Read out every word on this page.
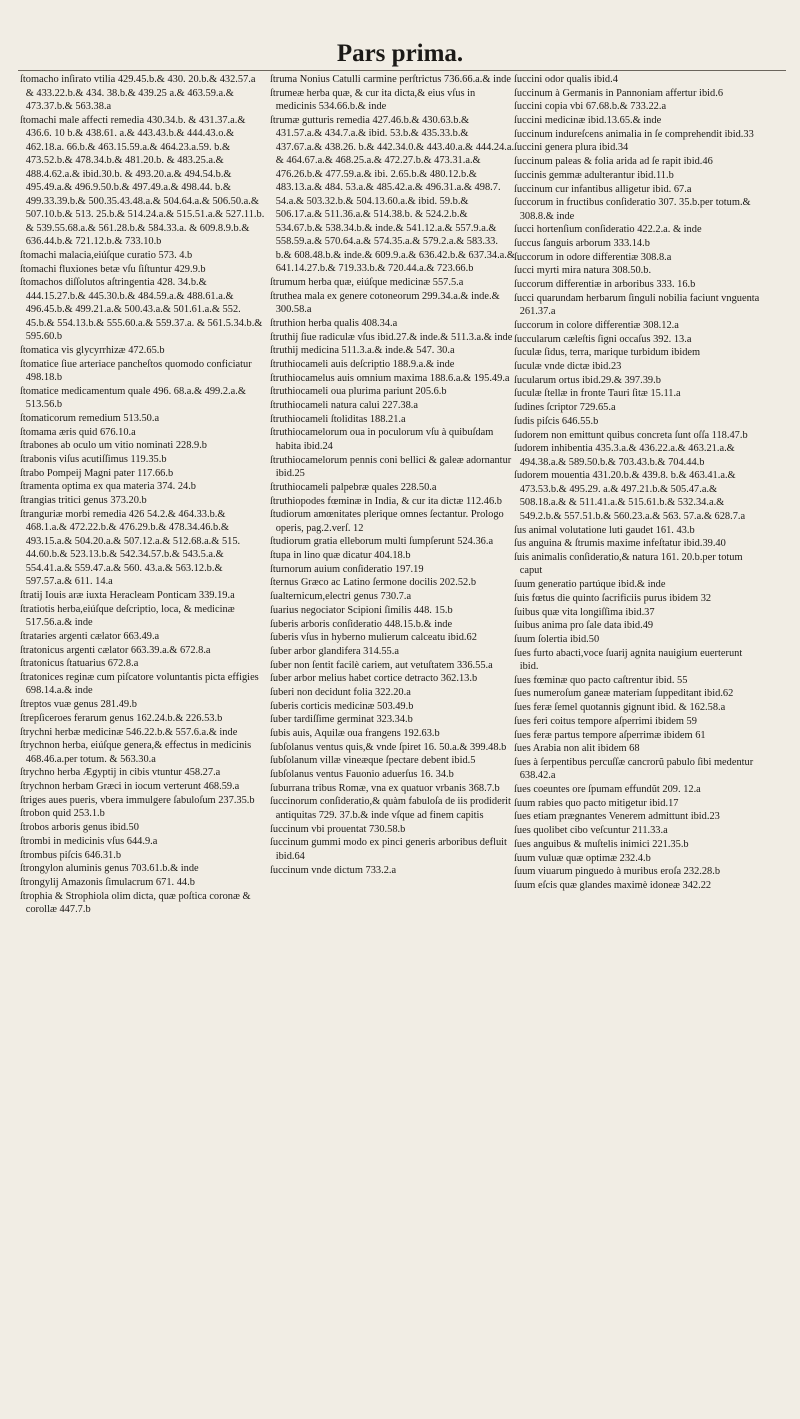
Pars prima.
ſtomacho inſirato vtilia 429.45.b.& 430. 20.b.& 432.57.a & 433.22.b.& 434. 38.b.& 439.25 a.& 463.59.a.& 473.37.b.& 563.38.a
ſtomachi male affecti remedia 430.34.b. & 431.37.a.& 436.6. 10 b.& 438.61. a.& 443.43.b.& 444.43.o.& 462.18.a. 66.b.& 463.15.59.a.& 464.23.a.59. b.& 473.52.b.& 478.34.b.& 481.20.b. & 483.25.a.& 488.4.62.a.& ibid.30.b. & 493.20.a.& 494.54.b.& 495.49.a.& 496.9.50.b.& 497.49.a.& 498.44. b.& 499.33.39.b.& 500.35.43.48.a.& 504.64.a.& 506.50.a.& 507.10.b.& 513. 25.b.& 514.24.a.& 515.51.a.& 527.11.b. & 539.55.68.a.& 561.28.b.& 584.33.a. & 609.8.9.b.& 636.44.b.& 721.12.b.& 733.10.b
ſtomachi malacia,eiúſque curatio 573. 4.b
ſtomachi fluxiones betæ vſu ſiſtuntur 429.9.b
ſtomachos diſſolutos aſtringentia 428. 34.b.& 444.15.27.b.& 445.30.b.& 484.59.a.& 488.61.a.& 496.45.b.& 499.21.a.& 500.43.a.& 501.61.a.& 552. 45.b.& 554.13.b.& 555.60.a.& 559.37.a. & 561.5.34.b.& 595.60.b
ſtomatica vis glycyrrhizæ 472.65.b
ſtomatice ſiue arteriace pancheſtos quomodo conficiatur 498.18.b
ſtomatice medicamentum quale 496. 68.a.& 499.2.a.& 513.56.b
ſtomaticorum remedium 513.50.a
ſtomama æris quid 676.10.a
ſtrabones ab oculo um vitio nominati 228.9.b
ſtrabonis viſus acutiſſimus 119.35.b
ſtrabo Pompeij Magni pater 117.66.b
ſtramenta optima ex qua materia 374. 24.b
ſtrangias tritici genus 373.20.b
ſtranguriæ morbi remedia 426 54.2.& 464.33.b.& 468.1.a.& 472.22.b.& 476.29.b.& 478.34.46.b.& 493.15.a.& 504.20.a.& 507.12.a.& 512.68.a.& 515. 44.60.b.& 523.13.b.& 542.34.57.b.& 543.5.a.& 554.41.a.& 559.47.a.& 560. 43.a.& 563.12.b.& 597.57.a.& 611. 14.a
ſtratij Iouis aræ iuxta Heracleam Ponticam 339.19.a
ſtratiotis herba,eiúſque deſcriptio, loca, & medicinæ 517.56.a.& inde
ſtrataries argenti cælator 663.49.a
ſtratonicus argenti cælator 663.39.a.& 672.8.a
ſtratonicus ſtatuarius 672.8.a
ſtratonices reginæ cum piſcatore voluntantis picta effigies 698.14.a.& inde
ſtreptos vuæ genus 281.49.b
ſtrepſiceroes ferarum genus 162.24.b.& 226.53.b
ſtrychni herbæ medicinæ 546.22.b.& 557.6.a.& inde
ſtrychnon herba, eiúſque genera,& effectus in medicinis 468.46.a.per totum. & 563.30.a
ſtrychno herba Ægyptij in cibis vtuntur 458.27.a
ſtrychnon herbam Græci in iocum verterunt 468.59.a
ſtriges aues pueris, vbera immulgere ſabuloſum 237.35.b
ſtrobon quid 253.1.b
ſtrobos arboris genus ibid.50
ſtrombi in medicinis vſus 644.9.a
ſtrombus piſcis 646.31.b
ſtrongylon aluminis genus 703.61.b.& inde
ſtrongylij Amazonis ſimulacrum 671. 44.b
ſtrophia & Strophiola olim dicta, quæ poſtica coronæ & corollæ 447.7.b
ſtruma Nonius Catulli carmine perſtrictus 736.66.a.& inde
ſtrumeæ herba quæ, & cur ita dicta,& eius vſus in medicinis 534.66.b.& inde
ſtrumæ gutturis remedia 427.46.b.& 430.63.b.& 431.57.a.& 434.7.a.& ibid. 53.b.& 435.33.b.& 437.67.a.& 438.26. b.& 442.34.0.& 443.40.a.& 444.24.a. & 464.67.a.& 468.25.a.& 472.27.b.& 473.31.a.& 476.26.b.& 477.59.a.& ibi. 2.65.b.& 480.12.b.& 483.13.a.& 484. 53.a.& 485.42.a.& 496.31.a.& 498.7. 54.a.& 503.32.b.& 504.13.60.a.& ibid. 59.b.& 506.17.a.& 511.36.a.& 514.38.b. & 524.2.b.& 534.67.b.& 538.34.b.& inde.& 541.12.a.& 557.9.a.& 558.59.a.& 570.64.a.& 574.35.a.& 579.2.a.& 583.33. b.& 608.48.b.& inde.& 609.9.a.& 636.42.b.& 637.34.a.& 641.14.27.b.& 719.33.b.& 720.44.a.& 723.66.b
ſtrumum herba quæ, eiúſque medicinæ 557.5.a
ſtruthea mala ex genere cotoneorum 299.34.a.& inde.& 300.58.a
ſtruthion herba qualis 408.34.a
ſtruthij ſiue radiculæ vſus ibid.27.& inde.& 511.3.a.& inde
ſtruthij medicina 511.3.a.& inde.& 547. 30.a
ſtruthiocameli auis deſcriptio 188.9.a.& inde
ſtruthiocamelus auis omnium maxima 188.6.a.& 195.49.a
ſtruthiocameli oua plurima pariunt 205.6.b
ſtruthiocameli natura calui 227.38.a
ſtruthiocameli ſtoliditas 188.21.a
ſtruthiocamelorum oua in poculorum vſu à quibuſdam habita ibid.24
ſtruthiocamelorum pennis coni bellici & galeæ adornantur ibid.25
ſtruthiocameli palpebræ quales 228.50.a
ſtruthiopodes fœminæ in India, & cur ita dictæ 112.46.b
ſtudiorum amœnitates plerique omnes ſectantur. Prologo operis, pag.2.verſ. 12
ſtudiorum gratia elleborum multi ſumpſerunt 524.36.a
ſtupa in lino quæ dicatur 404.18.b
ſturnorum auium conſideratio 197.19
ſternus Græco ac Latino ſermone docilis 202.52.b
ſualternicum,electri genus 730.7.a
ſuarius negociator Scipioni ſimilis 448. 15.b
ſuberis arboris conſideratio 448.15.b.& inde
ſuberis vſus in hyberno mulierum calceatu ibid.62
ſuber arbor glandifera 314.55.a
ſuber non ſentit facilè cariem, aut vetuſtatem 336.55.a
ſuber arbor melius habet cortice detracto 362.13.b
ſuberi non decidunt folia 322.20.a
ſuberis corticis medicinæ 503.49.b
ſuber tardiſſime germinat 323.34.b
ſubis auis, Aquilæ oua frangens 192.63.b
ſubſolanus ventus quis,& vnde ſpiret 16. 50.a.& 399.48.b
ſubſolanum villæ vineæque ſpectare debent ibid.5
ſubſolanus ventus Fauonio aduerſus 16. 34.b
ſuburrana tribus Romæ, vna ex quatuor vrbanis 368.7.b
ſuccinorum conſideratio,& quàm fabuloſa de iis prodiderit antiquitas 729. 37.b.& inde vſque ad finem capitis
ſuccinum vbi prouentat 730.58.b
ſuccinum gummi modo ex pinci generis arboribus defluit ibid.64
ſuccinum vnde dictum 733.2.a
ſuccini odor qualis ibid.4
ſuccinum à Germanis in Pannoniam affertur ibid.6
ſuccini copia vbi 67.68.b.& 733.22.a
ſuccini medicinæ ibid.13.65.& inde
ſuccinum indureſcens animalia in ſe comprehendit ibid.33
ſuccini genera plura ibid.34
ſuccinum paleas & folia arida ad ſe rapit ibid.46
ſuccinis gemmæ adulterantur ibid.11.b
ſuccinum cur infantibus alligetur ibid. 67.a
ſuccorum in fructibus conſideratio 307. 35.b.per totum.& 308.8.& inde
ſucci hortenſium conſideratio 422.2.a. & inde
ſuccus ſanguis arborum 333.14.b
ſuccorum in odore differentiæ 308.8.a
ſucci myrti mira natura 308.50.b.
ſuccorum differentiæ in arboribus 333. 16.b
ſucci quarundam herbarum ſinguli nobilia faciunt vnguenta 261.37.a
ſuccorum in colore differentiæ 308.12.a
ſuccularum cæleſtis ſigni occaſus 392. 13.a
ſuculæ ſidus, terra, marique turbidum ibidem
ſuculæ vnde dictæ ibid.23
ſucularum ortus ibid.29.& 397.39.b
ſuculæ ſtellæ in fronte Tauri ſitæ 15.11.a
ſudines ſcriptor 729.65.a
ſudis piſcis 646.55.b
ſudorem non emittunt quibus concreta ſunt oſſa 118.47.b
ſudorem inhibentia 435.3.a.& 436.22.a.& 463.21.a.& 494.38.a.& 589.50.b.& 703.43.b.& 704.44.b
ſudorem mouentia 431.20.b.& 439.8. b.& 463.41.a.& 473.53.b.& 495.29. a.& 497.21.b.& 505.47.a.& 508.18.a.& & 511.41.a.& 515.61.b.& 532.34.a.& 549.2.b.& 557.51.b.& 560.23.a.& 563. 57.a.& 628.7.a
ſus animal volutatione luti gaudet 161. 43.b
ſus anguina & ſtrumis maxime infeſtatur ibid.39.40
ſuis animalis conſideratio,& natura 161. 20.b.per totum caput
ſuum generatio partúque ibid.& inde
ſuis fœtus die quinto ſacrificiis purus ibidem 32
ſuibus quæ vita longiſſima ibid.37
ſuibus anima pro ſale data ibid.49
ſuum ſolertia ibid.50
ſues furto abacti,voce ſuarij agnita nauigium euerterunt ibid.
ſues fœminæ quo pacto caſtrentur ibid. 55
ſues numeroſum ganeæ materiam ſuppeditant ibid.62
ſues feræ ſemel quotannis gignunt ibid. & 162.58.a
ſues feri coitus tempore aſperrimi ibidem 59
ſues feræ partus tempore aſperrimæ ibidem 61
ſues Arabia non alit ibidem 68
ſues à ſerpentibus percuſſæ cancrorũ pabulo ſibi medentur 638.42.a
ſues coeuntes ore ſpumam effundũt 209. 12.a
ſuum rabies quo pacto mitigetur ibid.17
ſues etiam prægnantes Venerem admittunt ibid.23
ſues quolibet cibo veſcuntur 211.33.a
ſues anguibus & muſtelis inimici 221.35.b
ſuum vuluæ quæ optimæ 232.4.b
ſuum viuarum pinguedo à muribus eroſa 232.28.b
ſuum eſcis quæ glandes maximè idoneæ 342.22
